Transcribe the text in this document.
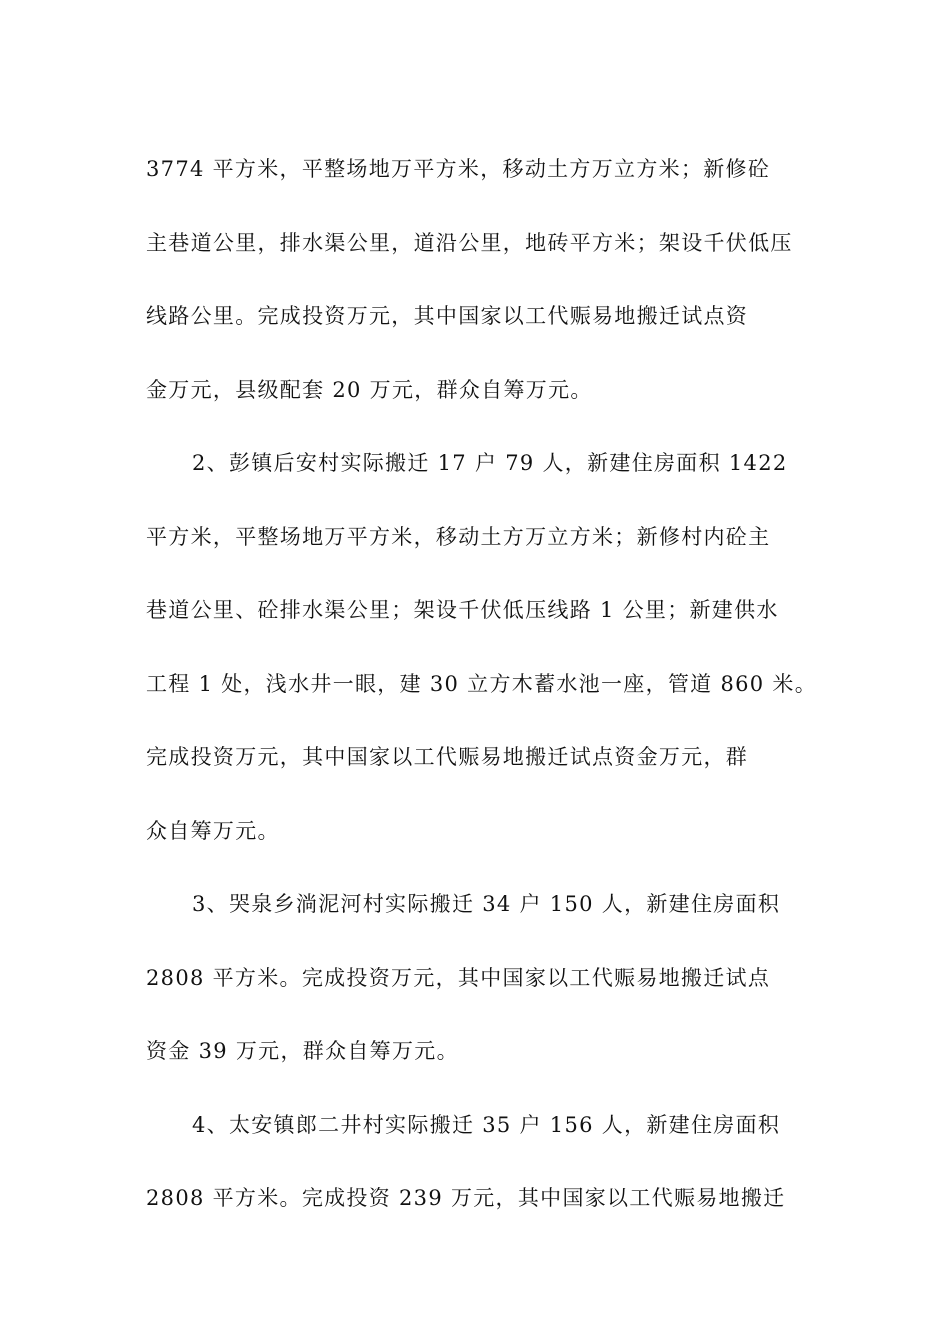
3774 平方米，平整场地万平方米，移动土方万立方米；新修砼
主巷道公里，排水渠公里，道沿公里，地砖平方米；架设千伏低压
线路公里。完成投资万元，其中国家以工代赈易地搬迁试点资
金万元，县级配套 20 万元，群众自筹万元。
2、彭镇后安村实际搬迁 17 户 79 人，新建住房面积 1422
平方米，平整场地万平方米，移动土方万立方米；新修村内砼主
巷道公里、砼排水渠公里；架设千伏低压线路 1 公里；新建供水
工程 1 处，浅水井一眼，建 30 立方木蓄水池一座，管道 860 米。
完成投资万元，其中国家以工代赈易地搬迁试点资金万元，群
众自筹万元。
3、哭泉乡淌泥河村实际搬迁 34 户 150 人，新建住房面积
2808 平方米。完成投资万元，其中国家以工代赈易地搬迁试点
资金 39 万元，群众自筹万元。
4、太安镇郎二井村实际搬迁 35 户 156 人，新建住房面积
2808 平方米。完成投资 239 万元，其中国家以工代赈易地搬迁
